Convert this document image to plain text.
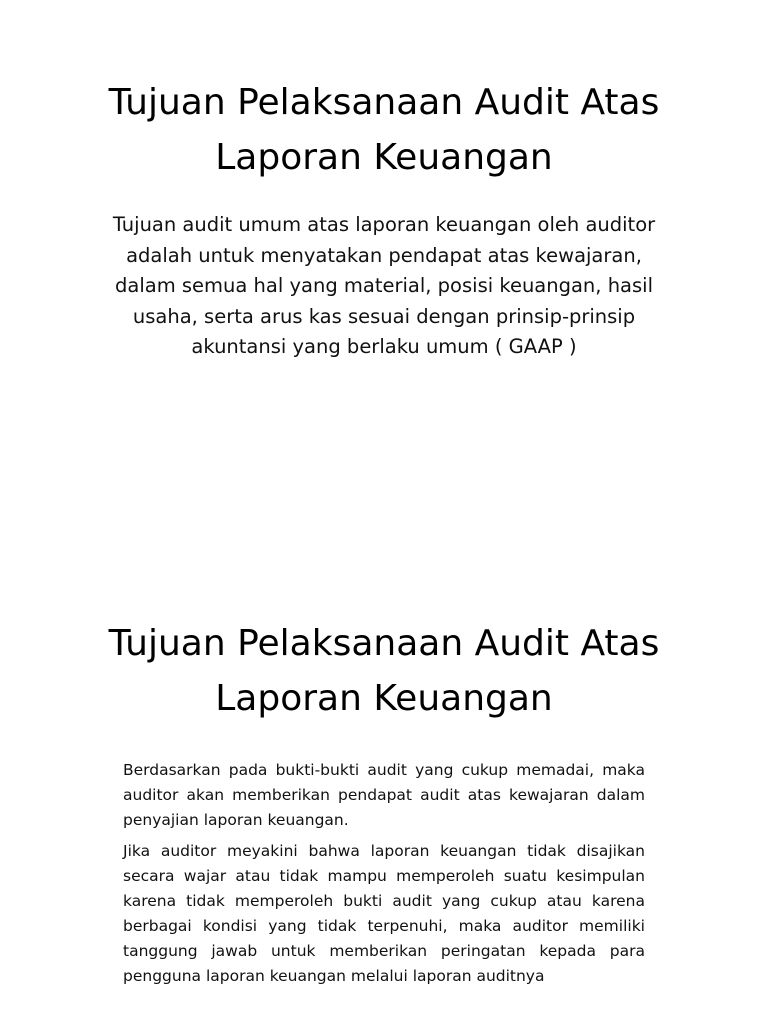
Tujuan Pelaksanaan Audit Atas Laporan Keuangan

Tujuan audit umum atas laporan keuangan oleh auditor adalah untuk menyatakan pendapat atas kewajaran, dalam semua hal yang material, posisi keuangan, hasil usaha, serta arus kas sesuai dengan prinsip-prinsip akuntansi yang berlaku umum ( GAAP )

Tujuan Pelaksanaan Audit Atas Laporan Keuangan

Berdasarkan pada bukti-bukti audit yang cukup memadai, maka auditor akan memberikan pendapat audit atas kewajaran dalam penyajian laporan keuangan.

Jika auditor meyakini bahwa laporan keuangan tidak disajikan secara wajar atau tidak mampu memperoleh suatu kesimpulan karena tidak memperoleh bukti audit yang cukup atau karena berbagai kondisi yang tidak terpenuhi, maka auditor memiliki tanggung jawab untuk memberikan peringatan kepada para pengguna laporan keuangan melalui laporan auditnya
